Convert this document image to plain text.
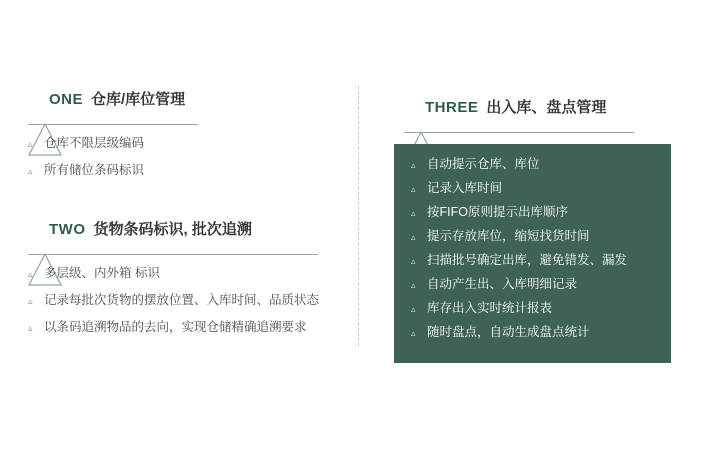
ONE 仓库/库位管理
▵ 仓库不限层级编码
▵ 所有储位条码标识
TWO 货物条码标识, 批次追溯
▵ 多层级、内外箱 标识
▵ 记录每批次货物的摆放位置、入库时间、品质状态
▵ 以条码追溯物品的去向，实现仓储精确追溯要求
THREE 出入库、盘点管理
▵ 自动提示仓库、库位
▵ 记录入库时间
▵ 按FIFO原则提示出库顺序
▵ 提示存放库位，缩短找货时间
▵ 扫描批号确定出库，避免错发、漏发
▵ 自动产生出、入库明细记录
▵ 库存出入实时统计报表
▵ 随时盘点，自动生成盘点统计
